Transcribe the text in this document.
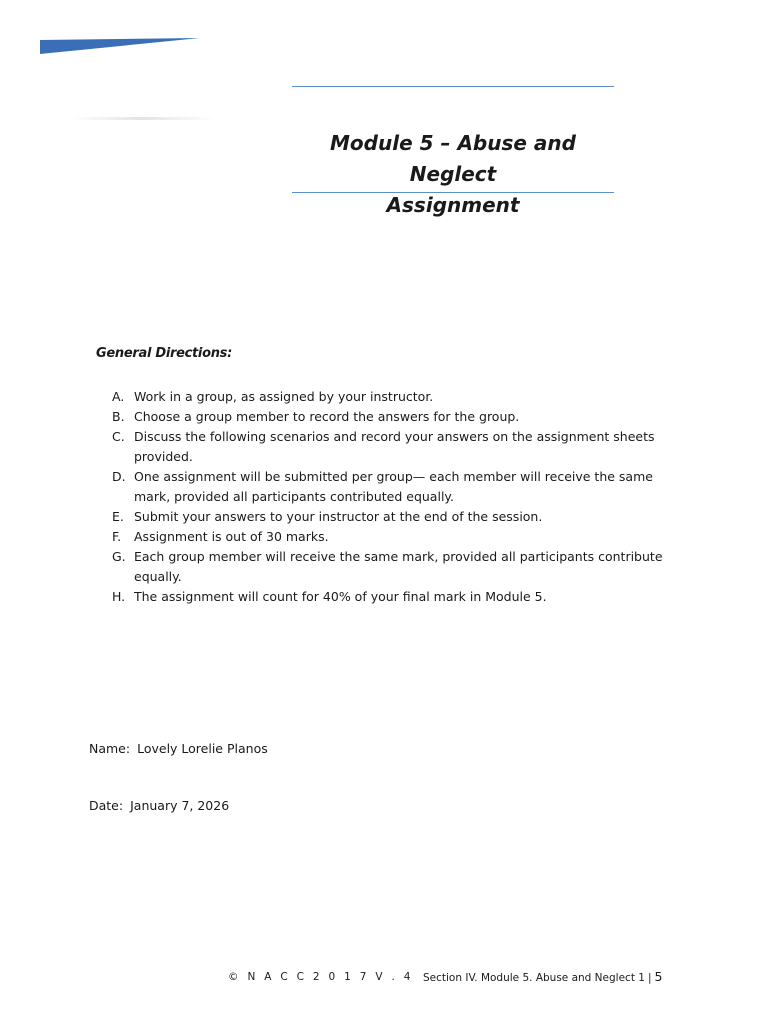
Module 5 – Abuse and Neglect
Assignment
General Directions:
A. Work in a group, as assigned by your instructor.
B. Choose a group member to record the answers for the group.
C. Discuss the following scenarios and record your answers on the assignment sheets provided.
D. One assignment will be submitted per group— each member will receive the same mark, provided all participants contributed equally.
E. Submit your answers to your instructor at the end of the session.
F. Assignment is out of 30 marks.
G. Each group member will receive the same mark, provided all participants contribute equally.
H. The assignment will count for 40% of your final mark in Module 5.

Name: Lovely Lorelie Planos

Date: January 7, 2026

© N A C C 2 0 1 7 V . 4 Section IV. Module 5. Abuse and Neglect 1 | 5
